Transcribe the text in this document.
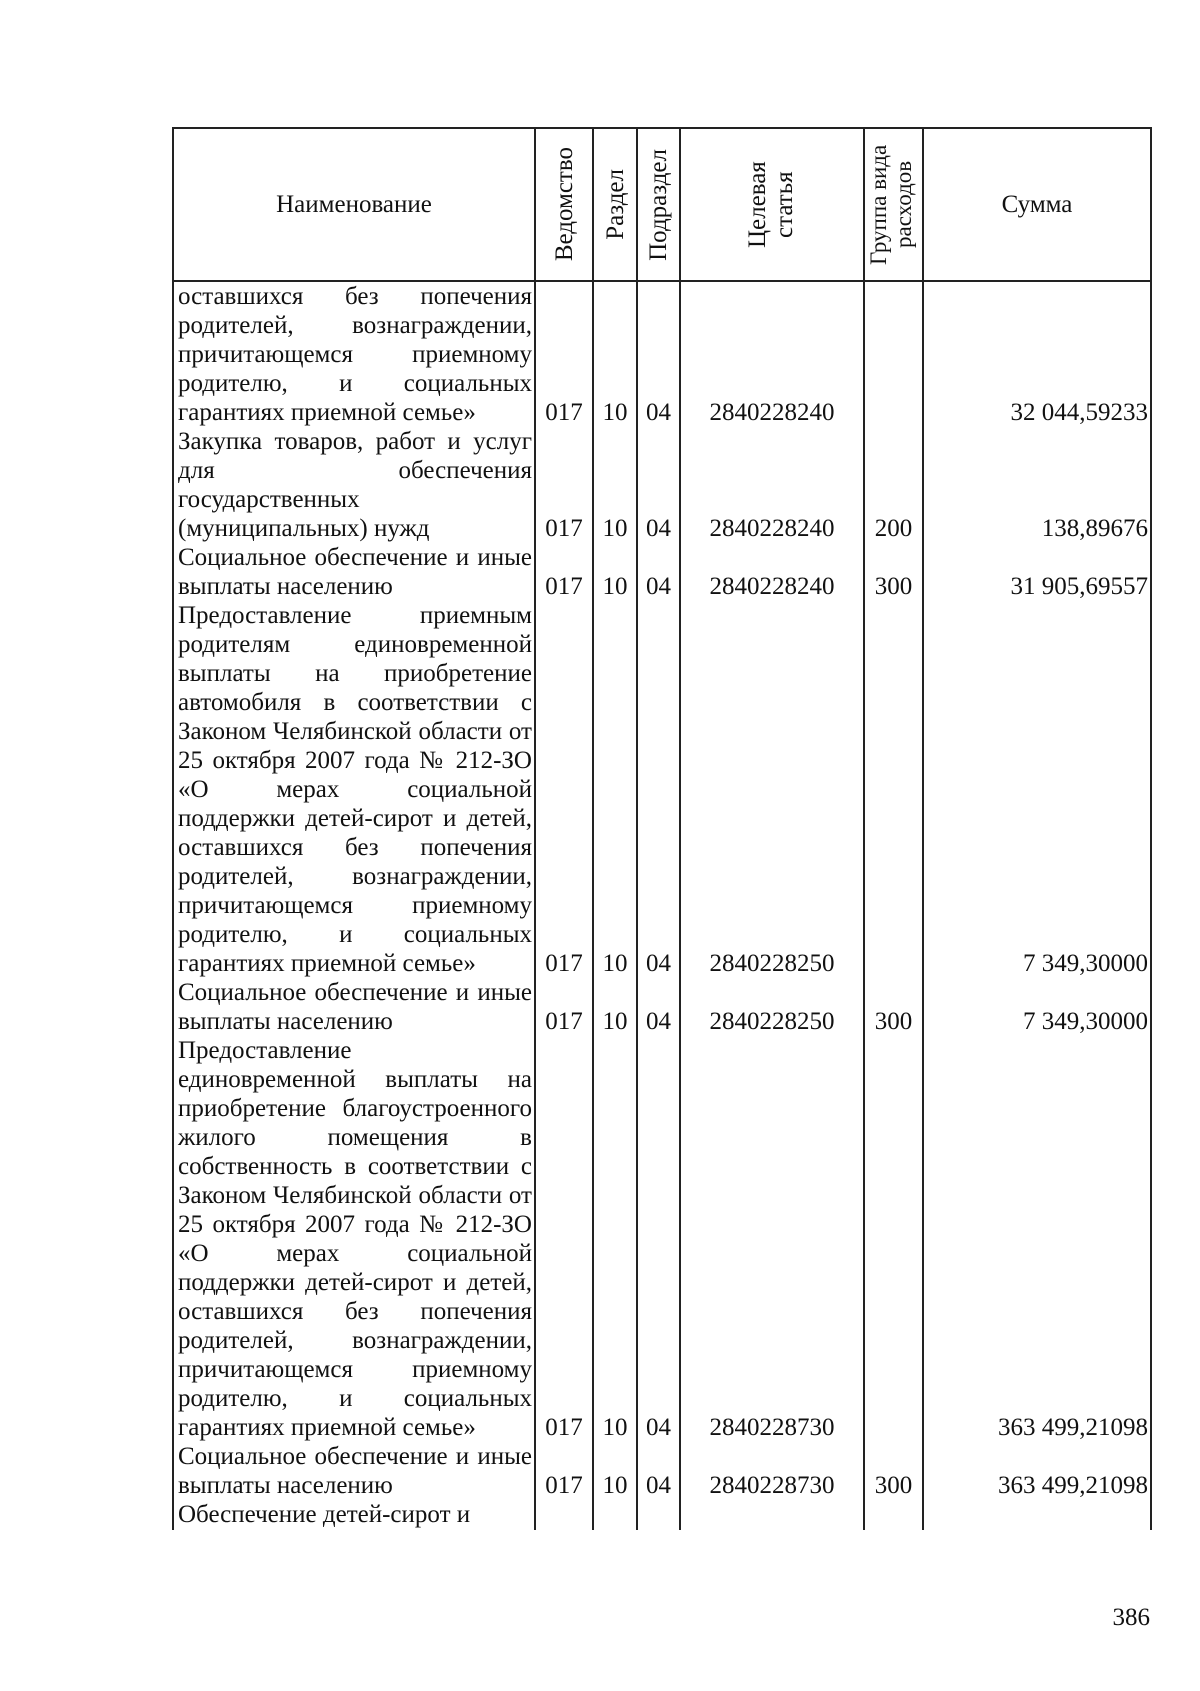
Наименование	Ведомство	Раздел	Подраздел	Целевая статья	Группа вида расходов	Сумма
оставшихся без попечения родителей, вознаграждении, причитающемся приемному родителю, и социальных гарантиях приемной семье»	017	10	04	2840228240		32 044,59233
Закупка товаров, работ и услуг для обеспечения государственных (муниципальных) нужд	017	10	04	2840228240	200	138,89676
Социальное обеспечение и иные выплаты населению	017	10	04	2840228240	300	31 905,69557
Предоставление приемным родителям единовременной выплаты на приобретение автомобиля в соответствии с Законом Челябинской области от 25 октября 2007 года № 212-ЗО «О мерах социальной поддержки детей-сирот и детей, оставшихся без попечения родителей, вознаграждении, причитающемся приемному родителю, и социальных гарантиях приемной семье»	017	10	04	2840228250		7 349,30000
Социальное обеспечение и иные выплаты населению	017	10	04	2840228250	300	7 349,30000
Предоставление единовременной выплаты на приобретение благоустроенного жилого помещения в собственность в соответствии с Законом Челябинской области от 25 октября 2007 года № 212-ЗО «О мерах социальной поддержки детей-сирот и детей, оставшихся без попечения родителей, вознаграждении, причитающемся приемному родителю, и социальных гарантиях приемной семье»	017	10	04	2840228730		363 499,21098
Социальное обеспечение и иные выплаты населению	017	10	04	2840228730	300	363 499,21098
Обеспечение детей-сирот и						
386
